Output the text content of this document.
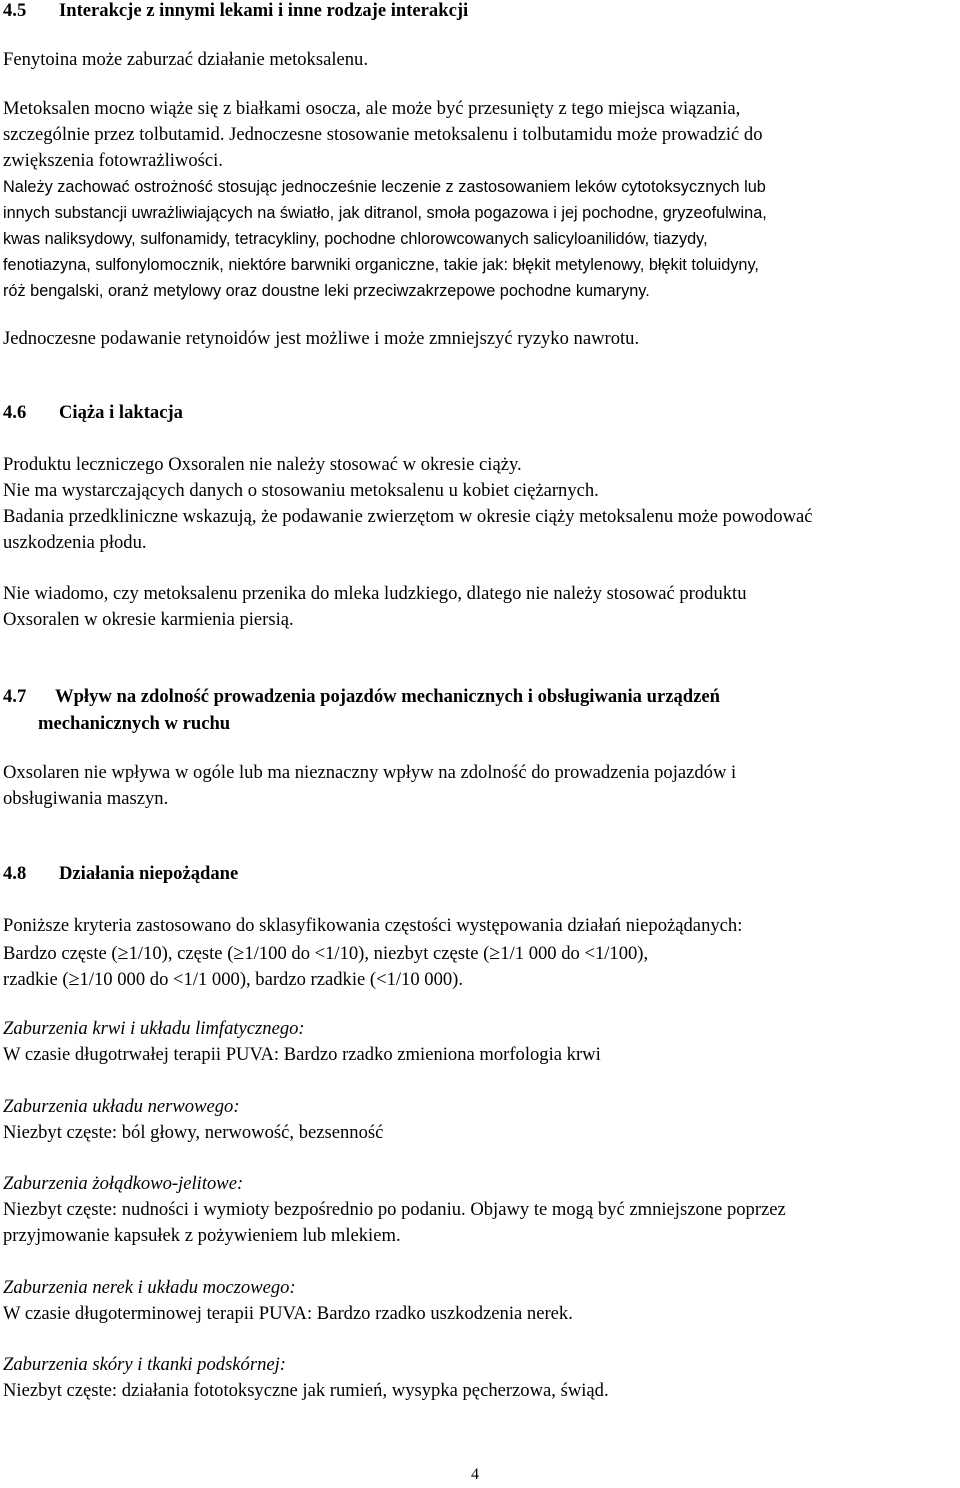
4.5 Interakcje z innymi lekami i inne rodzaje interakcji
Fenytoina może zaburzać działanie metoksalenu.
Metoksalen mocno wiąże się z białkami osocza, ale może być przesunięty z tego miejsca wiązania,
szczególnie przez tolbutamid. Jednoczesne stosowanie metoksalenu i tolbutamidu może prowadzić do
zwiększenia fotowrażliwości.
Należy zachować ostrożność stosując jednocześnie leczenie z zastosowaniem leków cytotoksycznych lub
innych substancji uwrażliwiających na światło, jak ditranol, smoła pogazowa i jej pochodne, gryzeofulwina,
kwas naliksydowy, sulfonamidy, tetracykliny, pochodne chlorowcowanych salicyloanilidów, tiazydy,
fenotiazyna, sulfonylomocznik, niektóre barwniki organiczne, takie jak: błękit metylenowy, błękit toluidyny,
róż bengalski, oranż metylowy oraz doustne leki przeciwzakrzepowe pochodne kumaryny.
Jednoczesne podawanie retynoidów jest możliwe i może zmniejszyć ryzyko nawrotu.
4.6 Ciąża i laktacja
Produktu leczniczego Oxsoralen nie należy stosować w okresie ciąży.
Nie ma wystarczających danych o stosowaniu metoksalenu u kobiet ciężarnych.
Badania przedkliniczne wskazują, że podawanie zwierzętom w okresie ciąży metoksalenu może powodować
uszkodzenia płodu.
Nie wiadomo, czy metoksalenu przenika do mleka ludzkiego, dlatego nie należy stosować produktu
Oxsoralen w okresie karmienia piersią.
4.7 Wpływ na zdolność prowadzenia pojazdów mechanicznych i obsługiwania urządzeń
mechanicznych w ruchu
Oxsolaren nie wpływa w ogóle lub ma nieznaczny wpływ na zdolność do prowadzenia pojazdów i
obsługiwania maszyn.
4.8 Działania niepożądane
Poniższe kryteria zastosowano do sklasyfikowania częstości występowania działań niepożądanych:
Bardzo częste (≥1/10), częste (≥1/100 do <1/10), niezbyt częste (≥1/1 000 do <1/100),
rzadkie (≥1/10 000 do <1/1 000), bardzo rzadkie (<1/10 000).
Zaburzenia krwi i układu limfatycznego:
W czasie długotrwałej terapii PUVA: Bardzo rzadko zmieniona morfologia krwi
Zaburzenia układu nerwowego:
Niezbyt częste: ból głowy, nerwowość, bezsenność
Zaburzenia żołądkowo-jelitowe:
Niezbyt częste: nudności i wymioty bezpośrednio po podaniu. Objawy te mogą być zmniejszone poprzez
przyjmowanie kapsułek z pożywieniem lub mlekiem.
Zaburzenia nerek i układu moczowego:
W czasie długoterminowej terapii PUVA: Bardzo rzadko uszkodzenia nerek.
Zaburzenia skóry i tkanki podskórnej:
Niezbyt częste: działania fototoksyczne jak rumień, wysypka pęcherzowa, świąd.
4
